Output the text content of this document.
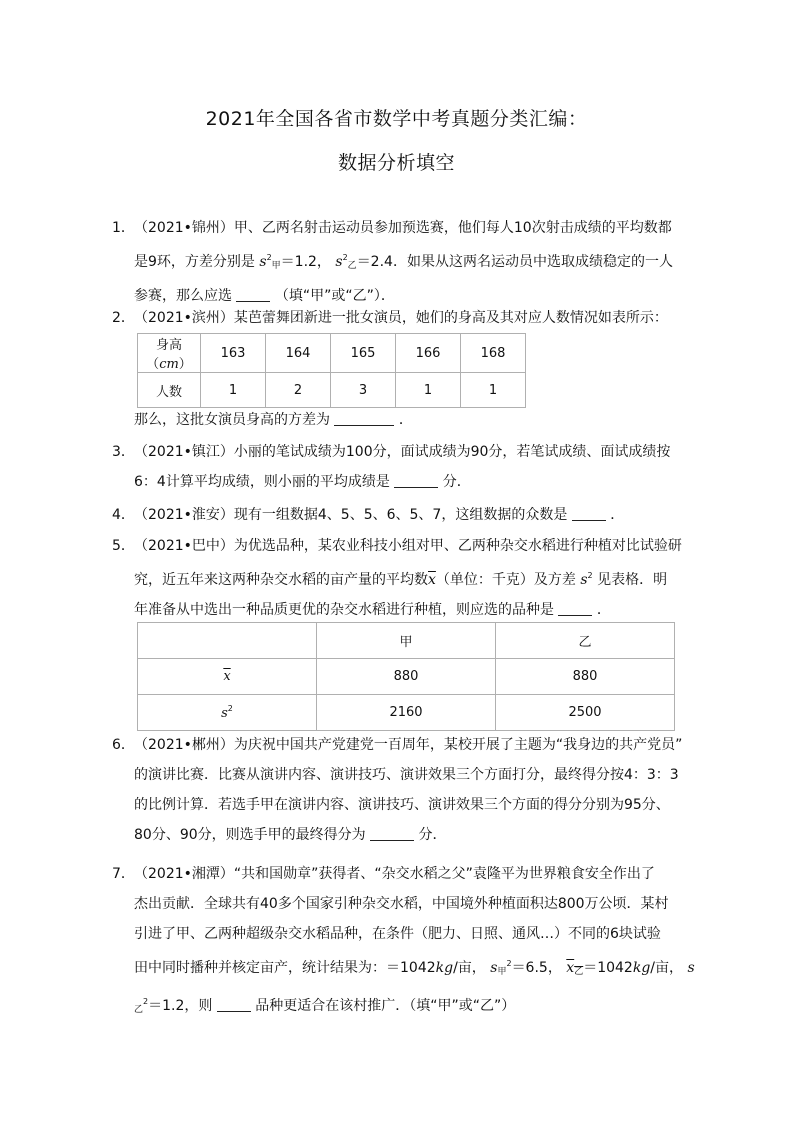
2021年全国各省市数学中考真题分类汇编：
数据分析填空
1． （2021•锦州）甲、乙两名射击运动员参加预选赛，他们每人10次射击成绩的平均数都
是9环，方差分别是 $s^2_甲=1.2$， $s^2_乙=2.4$．如果从这两名运动员中选取成绩稳定的一人
参赛，那么应选	（填“甲”或“乙”）．
2． （2021•滨州）某芭蕾舞团新进一批女演员，她们的身高及其对应人数情况如表所示：
身高（cm）	163	164	165	166	168
人数	1	2	3	1	1
那么，这批女演员身高的方差为	．
3． （2021•镇江）小丽的笔试成绩为100分，面试成绩为90分，若笔试成绩、面试成绩按
6：4计算平均成绩，则小丽的平均成绩是	分．
4． （2021•淮安）现有一组数据4、5、5、6、5、7，这组数据的众数是	．
5． （2021•巴中）为优选品种，某农业科技小组对甲、乙两种杂交水稻进行种植对比试验研
究，近五年来这两种杂交水稻的亩产量的平均数$\overline{x}$（单位：千克）及方差 $s^2$ 见表格．明
年准备从中选出一种品质更优的杂交水稻进行种植，则应选的品种是	．
	甲	乙
$\overline{x}$	880	880
$s^2$	2160	2500
6． （2021•郴州）为庆祝中国共产党建党一百周年，某校开展了主题为“我身边的共产党员”
的演讲比赛．比赛从演讲内容、演讲技巧、演讲效果三个方面打分，最终得分按4：3：3
的比例计算．若选手甲在演讲内容、演讲技巧、演讲效果三个方面的得分分别为95分、
80分、90分，则选手甲的最终得分为	分．
7． （2021•湘潭）“共和国勋章”获得者、“杂交水稻之父”袁隆平为世界粮食安全作出了
杰出贡献．全球共有40多个国家引种杂交水稻，中国境外种植面积达800万公顷．某村
引进了甲、乙两种超级杂交水稻品种，在条件（肥力、日照、通风…）不同的6块试验
田中同时播种并核定亩产，统计结果为：＝1042kg/亩， $s_甲^2=6.5$， $\overline{x}_乙=1042kg/$亩， s
$_乙^2$＝1.2，则	品种更适合在该村推广．（填“甲”或“乙”）
